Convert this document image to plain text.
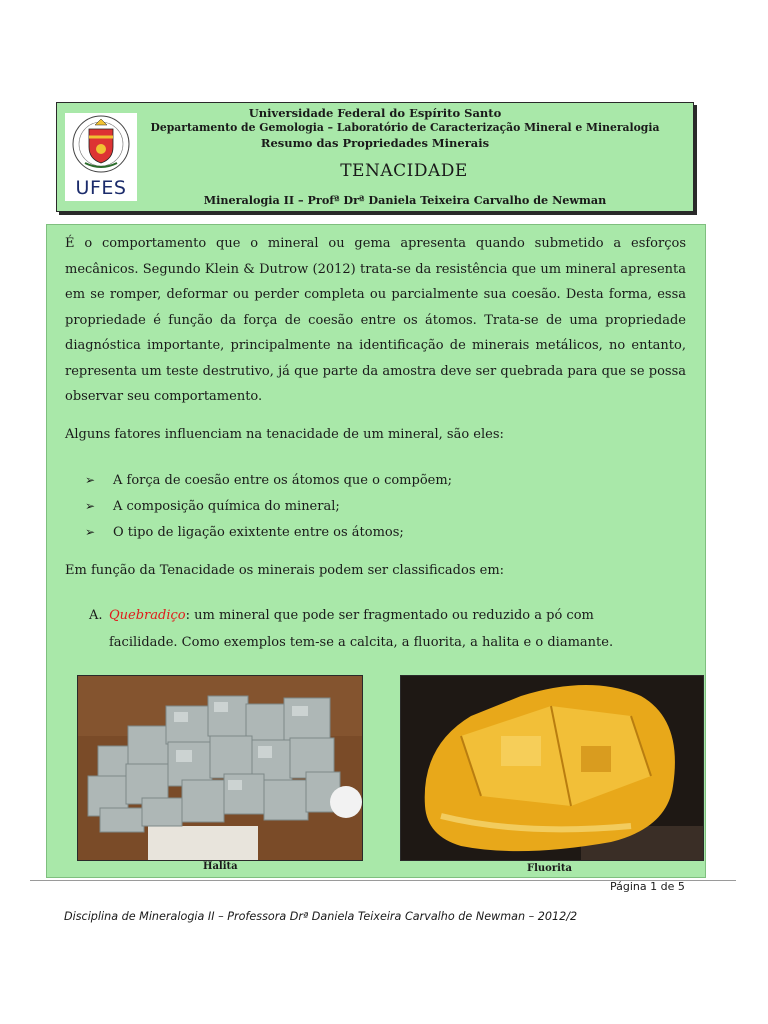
UFES
Universidade Federal do Espírito Santo
Departamento de Gemologia – Laboratório de Caracterização Mineral e Mineralogia
Resumo das Propriedades Minerais
TENACIDADE
Mineralogia II – Profª Drª Daniela Teixeira Carvalho de Newman
É o comportamento que o mineral ou gema apresenta quando submetido a esforços mecânicos. Segundo Klein & Dutrow (2012) trata-se da resistência que um mineral apresenta em se romper, deformar ou perder completa ou parcialmente sua coesão. Desta forma, essa propriedade é função da força de coesão entre os átomos. Trata-se de uma propriedade diagnóstica importante, principalmente na identificação de minerais metálicos, no entanto, representa um teste destrutivo, já que parte da amostra deve ser quebrada para que se possa observar seu comportamento.
Alguns fatores influenciam na tenacidade de um mineral, são eles:
➢ A força de coesão entre os átomos que o compõem;
➢ A composição química do mineral;
➢ O tipo de ligação exixtente entre os átomos;
Em função da Tenacidade os minerais podem ser classificados em:
A. Quebradiço: um mineral que pode ser fragmentado ou reduzido a pó com
facilidade. Como exemplos tem-se a calcita, a fluorita, a halita e o diamante.
Halita	Fluorita
Página 1 de 5
Disciplina de Mineralogia II – Professora Drª Daniela Teixeira Carvalho de Newman – 2012/2
